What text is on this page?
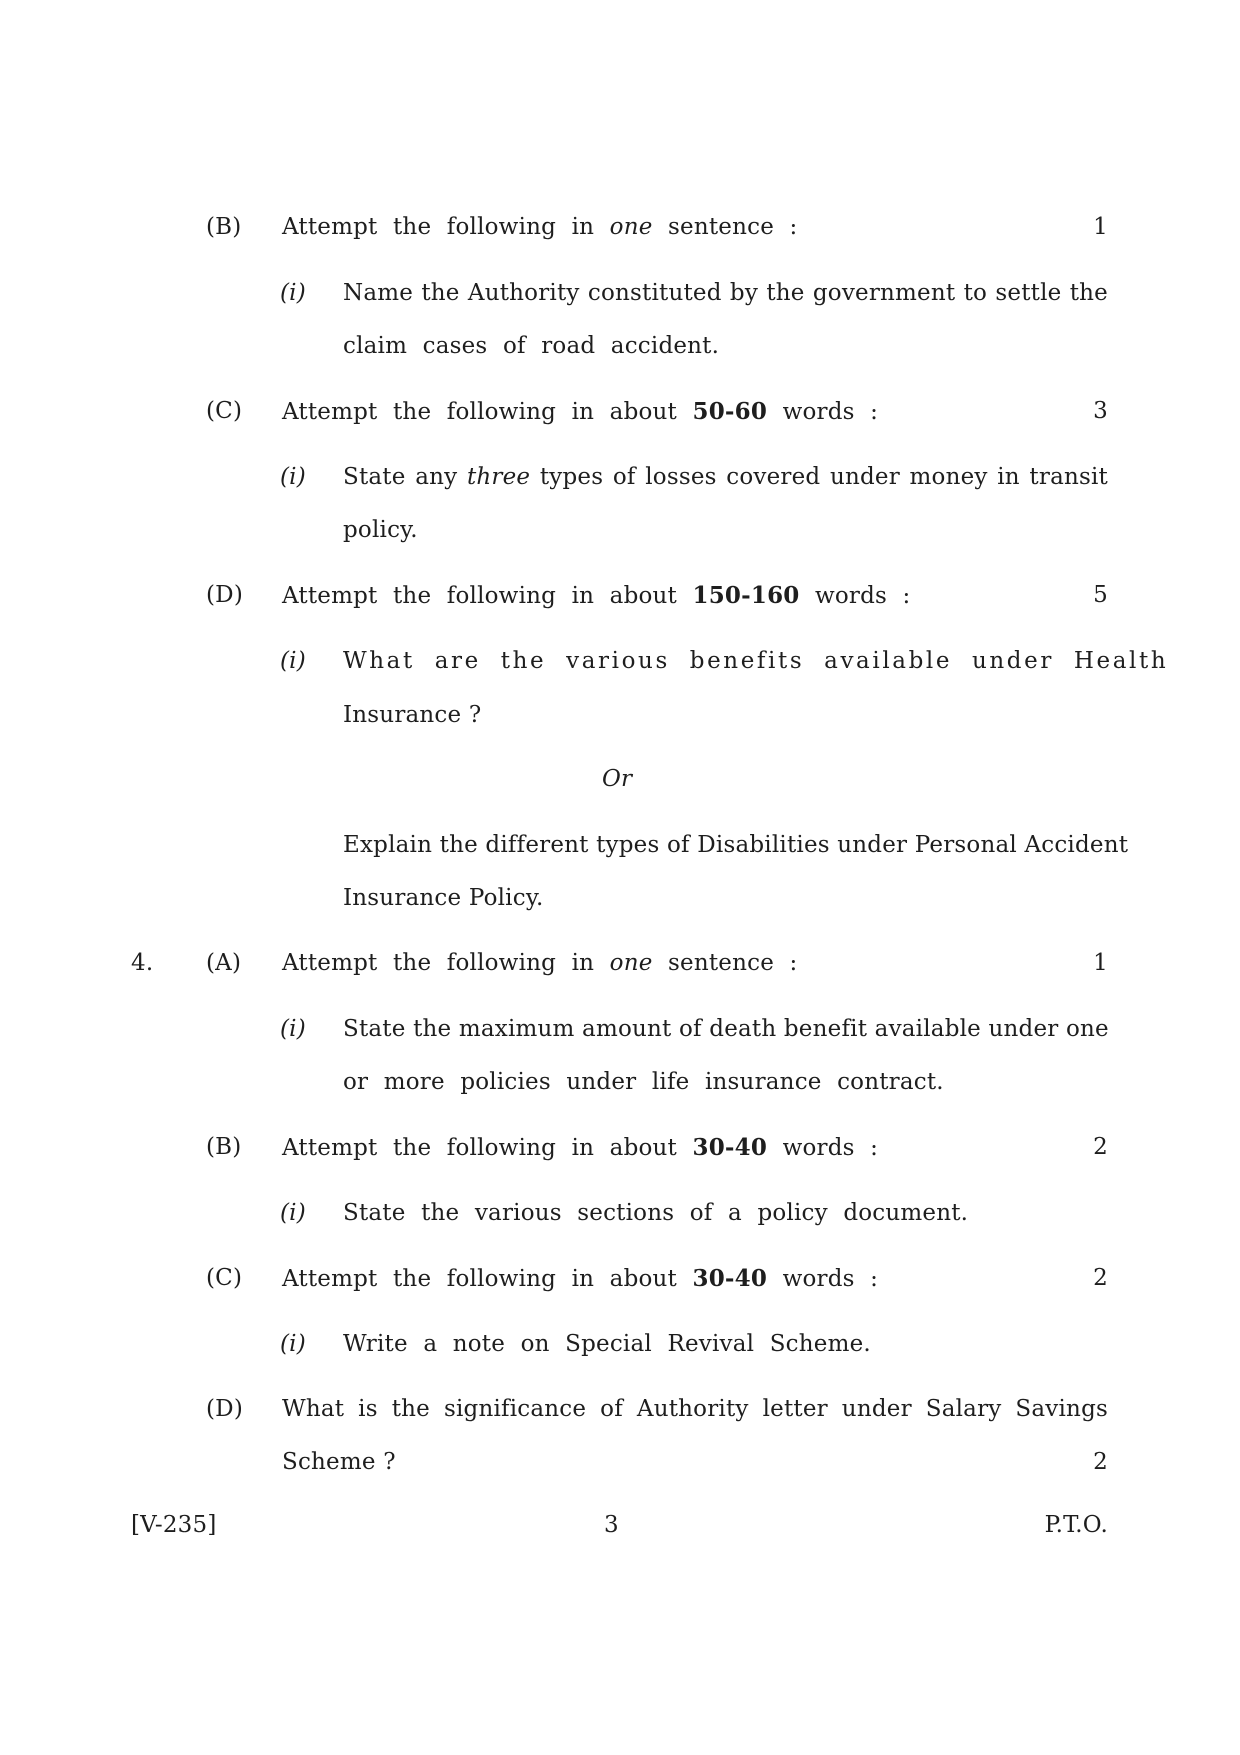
(B) Attempt the following in one sentence :	1
(i) Name the Authority constituted by the government to settle the
claim cases of road accident.
(C) Attempt the following in about 50-60 words :	3
(i) State any three types of losses covered under money in transit
policy.
(D) Attempt the following in about 150-160 words :	5
(i) What are the various benefits available under Health
Insurance ?
Or
Explain the different types of Disabilities under Personal Accident
Insurance Policy.
4. (A) Attempt the following in one sentence :	1
(i) State the maximum amount of death benefit available under one
or more policies under life insurance contract.
(B) Attempt the following in about 30-40 words :	2
(i) State the various sections of a policy document.
(C) Attempt the following in about 30-40 words :	2
(i) Write a note on Special Revival Scheme.
(D) What is the significance of Authority letter under Salary Savings
Scheme ?	2
[V-235]	3	P.T.O.
